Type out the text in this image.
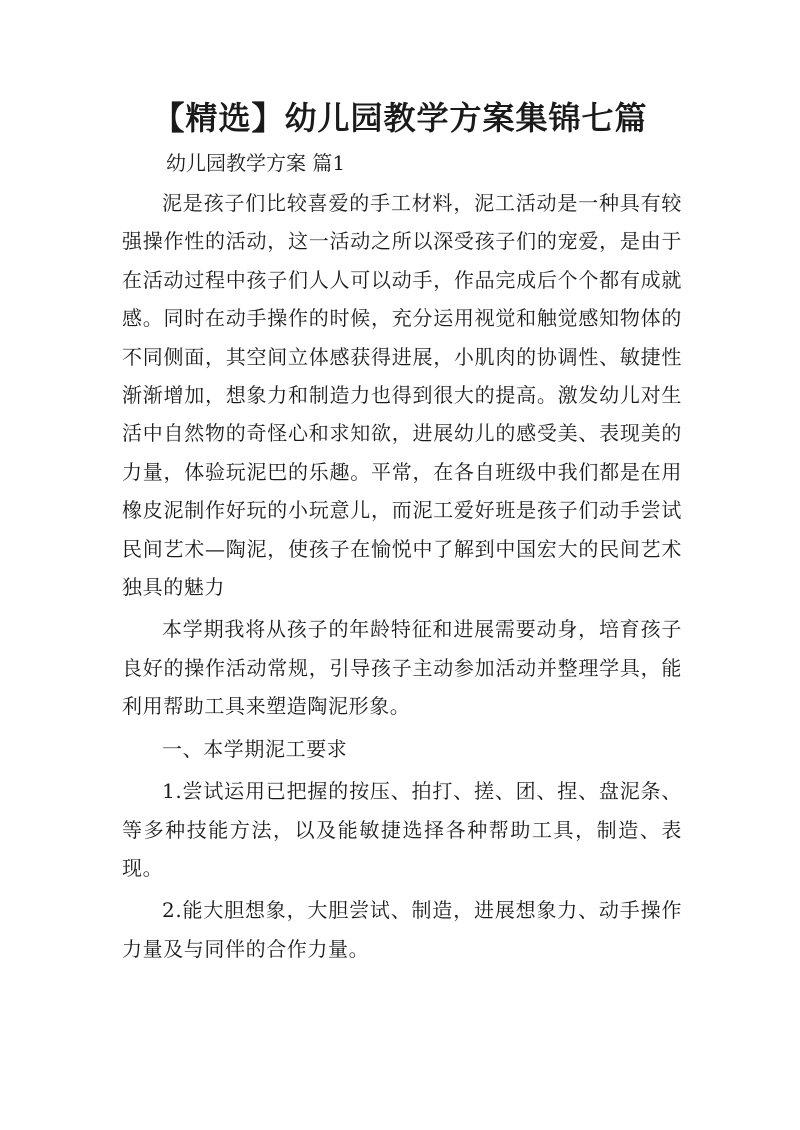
【精选】幼儿园教学方案集锦七篇
幼儿园教学方案 篇1

泥是孩子们比较喜爱的手工材料，泥工活动是一种具有较强操作性的活动，这一活动之所以深受孩子们的宠爱，是由于在活动过程中孩子们人人可以动手，作品完成后个个都有成就感。同时在动手操作的时候，充分运用视觉和触觉感知物体的不同侧面，其空间立体感获得进展，小肌肉的协调性、敏捷性渐渐增加，想象力和制造力也得到很大的提高。激发幼儿对生活中自然物的奇怪心和求知欲，进展幼儿的感受美、表现美的力量，体验玩泥巴的乐趣。平常，在各自班级中我们都是在用橡皮泥制作好玩的小玩意儿，而泥工爱好班是孩子们动手尝试民间艺术—陶泥，使孩子在愉悦中了解到中国宏大的民间艺术独具的魅力

本学期我将从孩子的年龄特征和进展需要动身，培育孩子良好的操作活动常规，引导孩子主动参加活动并整理学具，能利用帮助工具来塑造陶泥形象。

一、本学期泥工要求

1.尝试运用已把握的按压、拍打、搓、团、捏、盘泥条、等多种技能方法，以及能敏捷选择各种帮助工具，制造、表现。

2.能大胆想象，大胆尝试、制造，进展想象力、动手操作力量及与同伴的合作力量。
